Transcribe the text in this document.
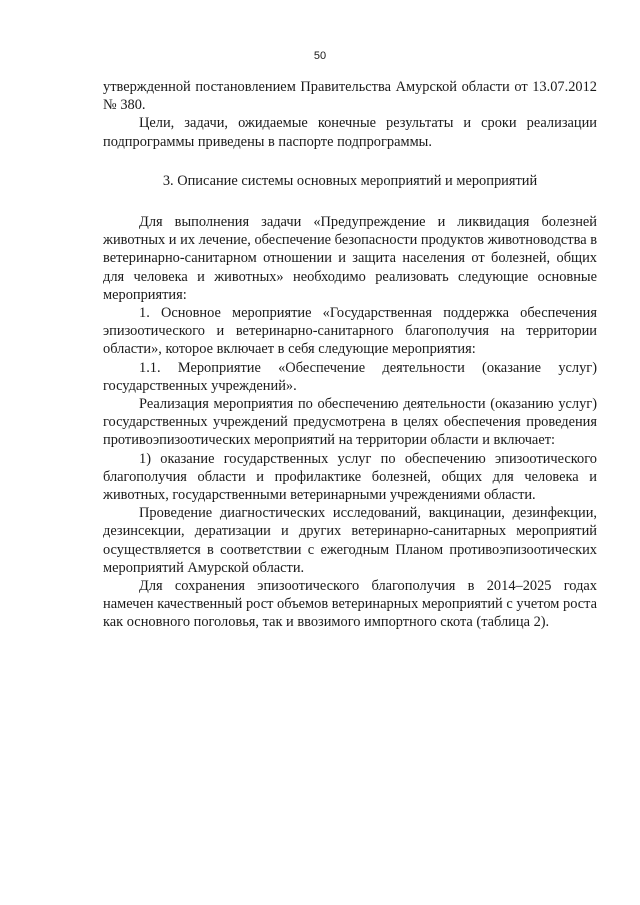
50

утвержденной постановлением Правительства Амурской области от 13.07.2012 № 380.

Цели, задачи, ожидаемые конечные результаты и сроки реализации подпрограммы приведены в паспорте подпрограммы.

3. Описание системы основных мероприятий и мероприятий

Для выполнения задачи «Предупреждение и ликвидация болезней животных и их лечение, обеспечение безопасности продуктов животноводства в ветеринарно-санитарном отношении и защита населения от болезней, общих для человека и животных» необходимо реализовать следующие основные мероприятия:

1. Основное мероприятие «Государственная поддержка обеспечения эпизоотического и ветеринарно-санитарного благополучия на территории области», которое включает в себя следующие мероприятия:

1.1. Мероприятие «Обеспечение деятельности (оказание услуг) государственных учреждений».

Реализация мероприятия по обеспечению деятельности (оказанию услуг) государственных учреждений предусмотрена в целях обеспечения проведения противоэпизоотических мероприятий на территории области и включает:

1) оказание государственных услуг по обеспечению эпизоотического благополучия области и профилактике болезней, общих для человека и животных, государственными ветеринарными учреждениями области.

Проведение диагностических исследований, вакцинации, дезинфекции, дезинсекции, дератизации и других ветеринарно-санитарных мероприятий осуществляется в соответствии с ежегодным Планом противоэпизоотических мероприятий Амурской области.

Для сохранения эпизоотического благополучия в 2014–2025 годах намечен качественный рост объемов ветеринарных мероприятий с учетом роста как основного поголовья, так и ввозимого импортного скота (таблица 2).
